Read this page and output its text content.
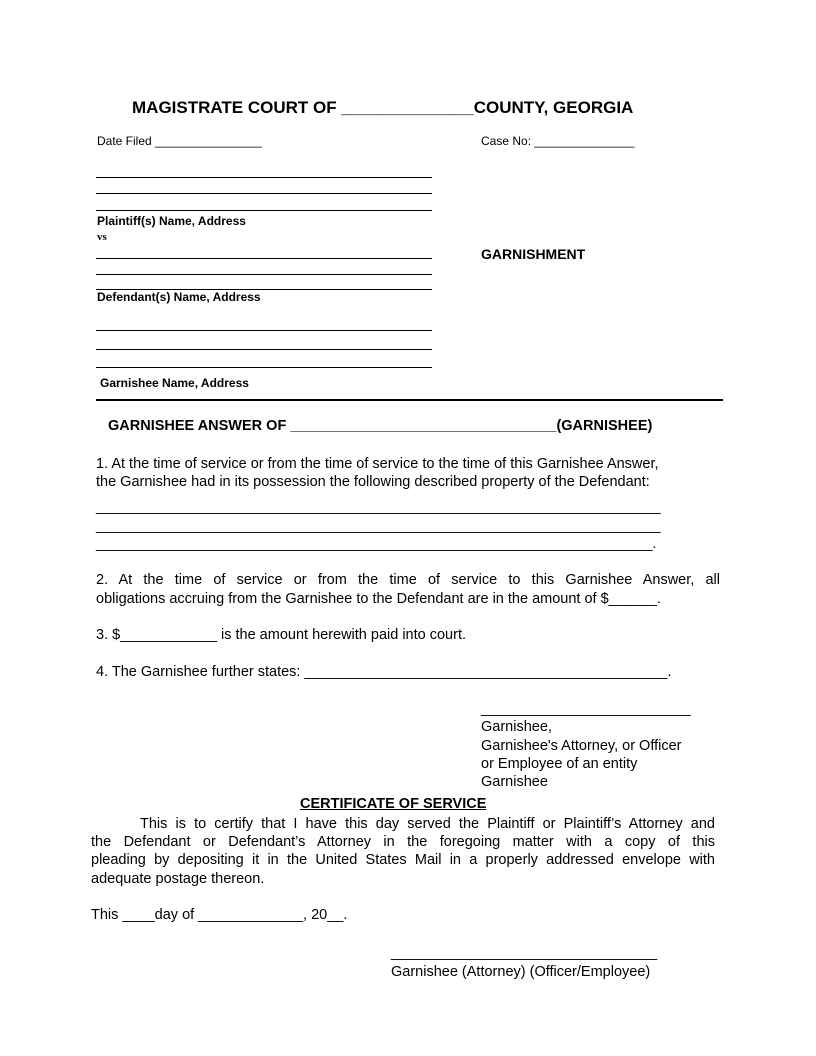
MAGISTRATE COURT OF ______________COUNTY, GEORGIA
Date Filed ________________	Case No: _______________
Plaintiff(s) Name, Address
vs
Defendant(s) Name, Address
GARNISHMENT
Garnishee Name, Address
GARNISHEE ANSWER OF _________________________________(GARNISHEE)
1. At the time of service or from the time of service to the time of this Garnishee Answer,
the Garnishee had in its possession the following described property of the Defendant:
______________________________________________________________________
______________________________________________________________________
_____________________________________________________________________.
2. At the time of service or from the time of service to this Garnishee Answer, all
obligations accruing from the Garnishee to the Defendant are in the amount of $______.
3. $____________ is the amount herewith paid into court.
4. The Garnishee further states: _____________________________________________.
__________________________
Garnishee,
Garnishee's Attorney, or Officer
or Employee of an entity
Garnishee
CERTIFICATE OF SERVICE
This is to certify that I have this day served the Plaintiff or Plaintiff’s Attorney and
the Defendant or Defendant’s Attorney in the foregoing matter with a copy of this
pleading by depositing it in the United States Mail in a properly addressed envelope with
adequate postage thereon.
This ____day of _____________, 20__.
_________________________________
Garnishee (Attorney) (Officer/Employee)
